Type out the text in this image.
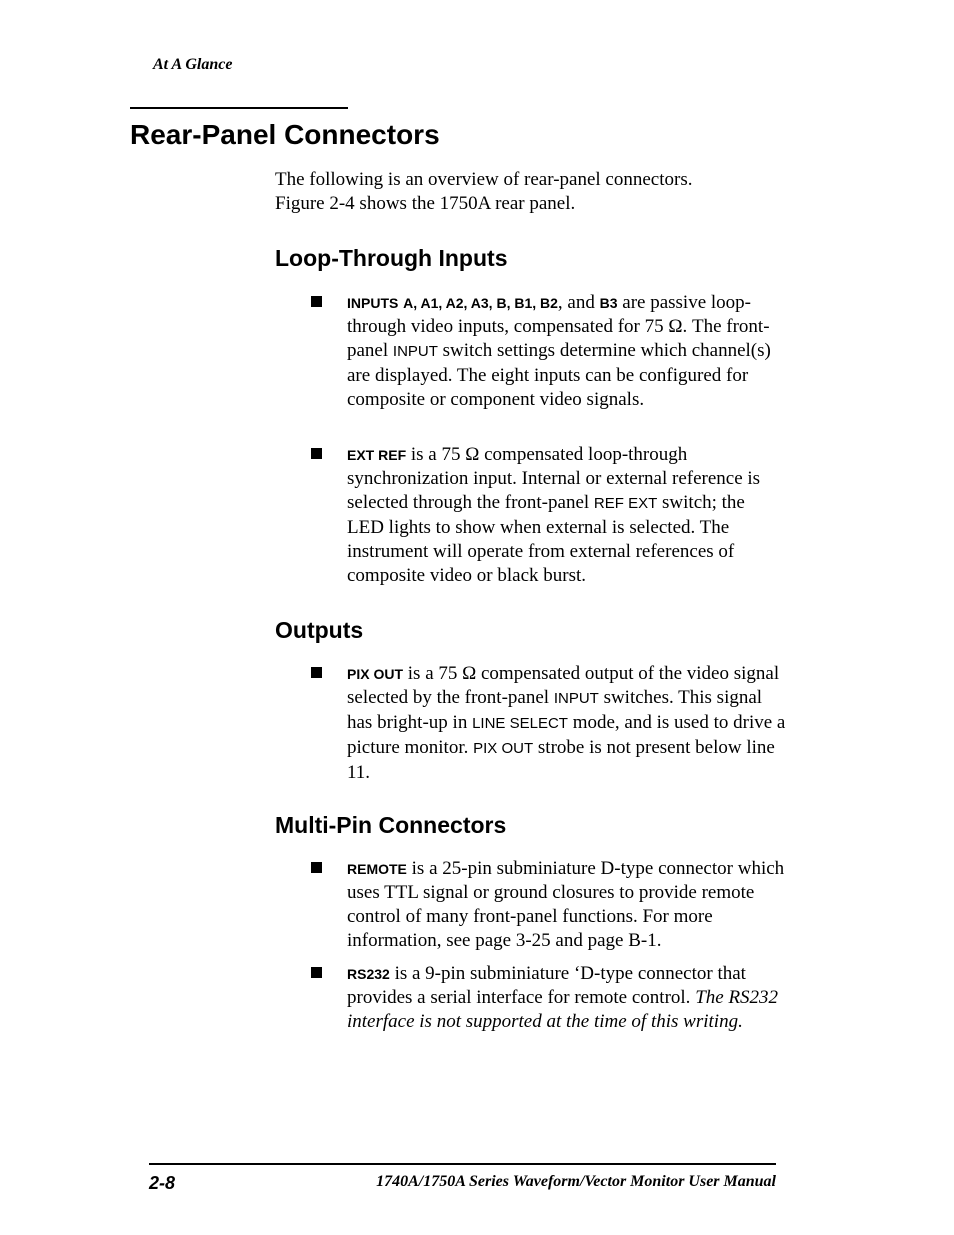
At A Glance
Rear-Panel Connectors

The following is an overview of rear-panel connectors.

Figure 2-4 shows the 1750A rear panel.

Loop-Through Inputs
INPUTS A, A1, A2, A3, B, B1, B2, and B3 are passive loop-through video inputs, compensated for 75 Ω. The front-panel INPUT switch settings determine which channel(s) are displayed. The eight inputs can be configured for composite or component video signals.
EXT REF is a 75 Ω compensated loop-through synchronization input. Internal or external reference is selected through the front-panel REF EXT switch; the LED lights to show when external is selected. The instrument will operate from external references of composite video or black burst.
Outputs
PIX OUT is a 75 Ω compensated output of the video signal selected by the front-panel INPUT switches. This signal has bright-up in LINE SELECT mode, and is used to drive a picture monitor. PIX OUT strobe is not present below line 11.
Multi-Pin Connectors
REMOTE is a 25-pin subminiature D-type connector which uses TTL signal or ground closures to provide remote control of many front-panel functions. For more information, see page 3-25 and page B-1.
RS232 is a 9-pin subminiature ‘D-type connector that provides a serial interface for remote control. The RS232 interface is not supported at the time of this writing.
2-8	1740A/1750A Series Waveform/Vector Monitor User Manual
